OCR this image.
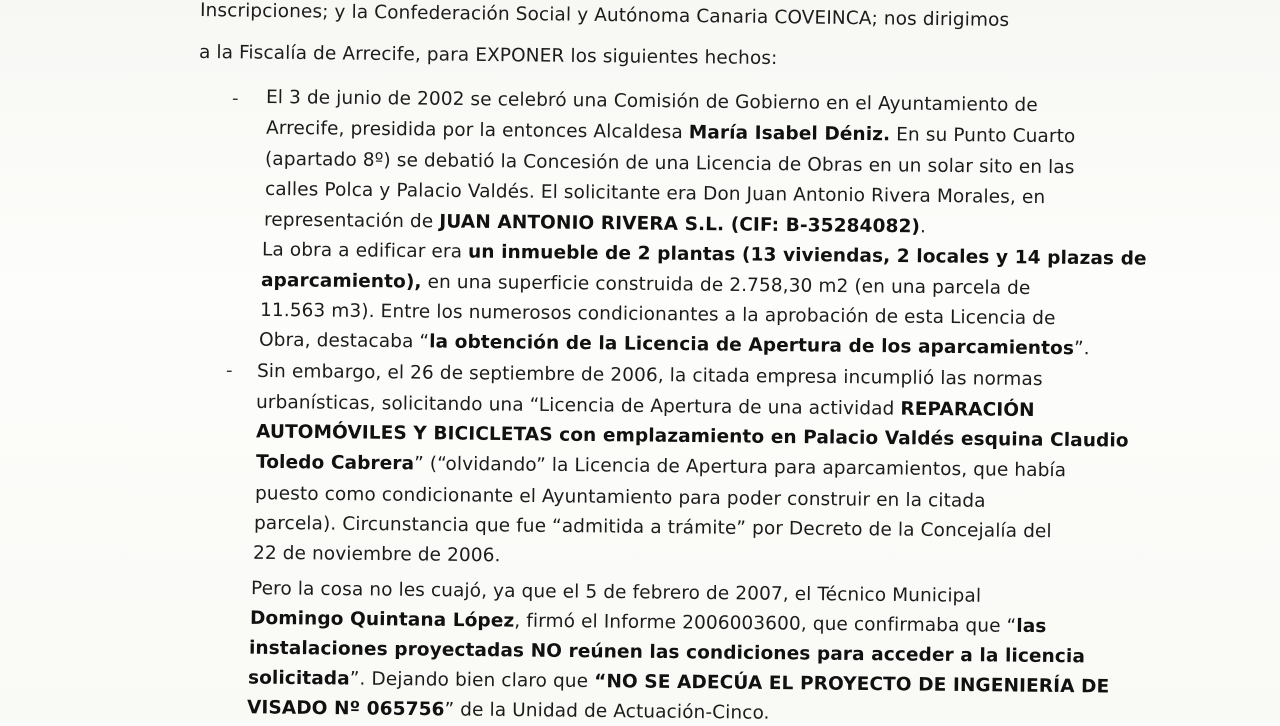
Inscripciones; y la Confederación Social y Autónoma Canaria COVEINCA; nos dirigimos
a la Fiscalía de Arrecife, para EXPONER los siguientes hechos:
- El 3 de junio de 2002 se celebró una Comisión de Gobierno en el Ayuntamiento de
Arrecife, presidida por la entonces Alcaldesa María Isabel Déniz. En su Punto Cuarto
(apartado 8º) se debatió la Concesión de una Licencia de Obras en un solar sito en las
calles Polca y Palacio Valdés. El solicitante era Don Juan Antonio Rivera Morales, en
representación de JUAN ANTONIO RIVERA S.L. (CIF: B-35284082).
La obra a edificar era un inmueble de 2 plantas (13 viviendas, 2 locales y 14 plazas de
aparcamiento), en una superficie construida de 2.758,30 m2 (en una parcela de
11.563 m3). Entre los numerosos condicionantes a la aprobación de esta Licencia de
Obra, destacaba “la obtención de la Licencia de Apertura de los aparcamientos”.
- Sin embargo, el 26 de septiembre de 2006, la citada empresa incumplió las normas
urbanísticas, solicitando una “Licencia de Apertura de una actividad REPARACIÓN
AUTOMÓVILES Y BICICLETAS con emplazamiento en Palacio Valdés esquina Claudio
Toledo Cabrera” (“olvidando” la Licencia de Apertura para aparcamientos, que había
puesto como condicionante el Ayuntamiento para poder construir en la citada
parcela). Circunstancia que fue “admitida a trámite” por Decreto de la Concejalía del
22 de noviembre de 2006.
Pero la cosa no les cuajó, ya que el 5 de febrero de 2007, el Técnico Municipal
Domingo Quintana López, firmó el Informe 2006003600, que confirmaba que “las
instalaciones proyectadas NO reúnen las condiciones para acceder a la licencia
solicitada”. Dejando bien claro que “NO SE ADECÚA EL PROYECTO DE INGENIERÍA DE
VISADO Nº 065756” de la Unidad de Actuación-Cinco.
